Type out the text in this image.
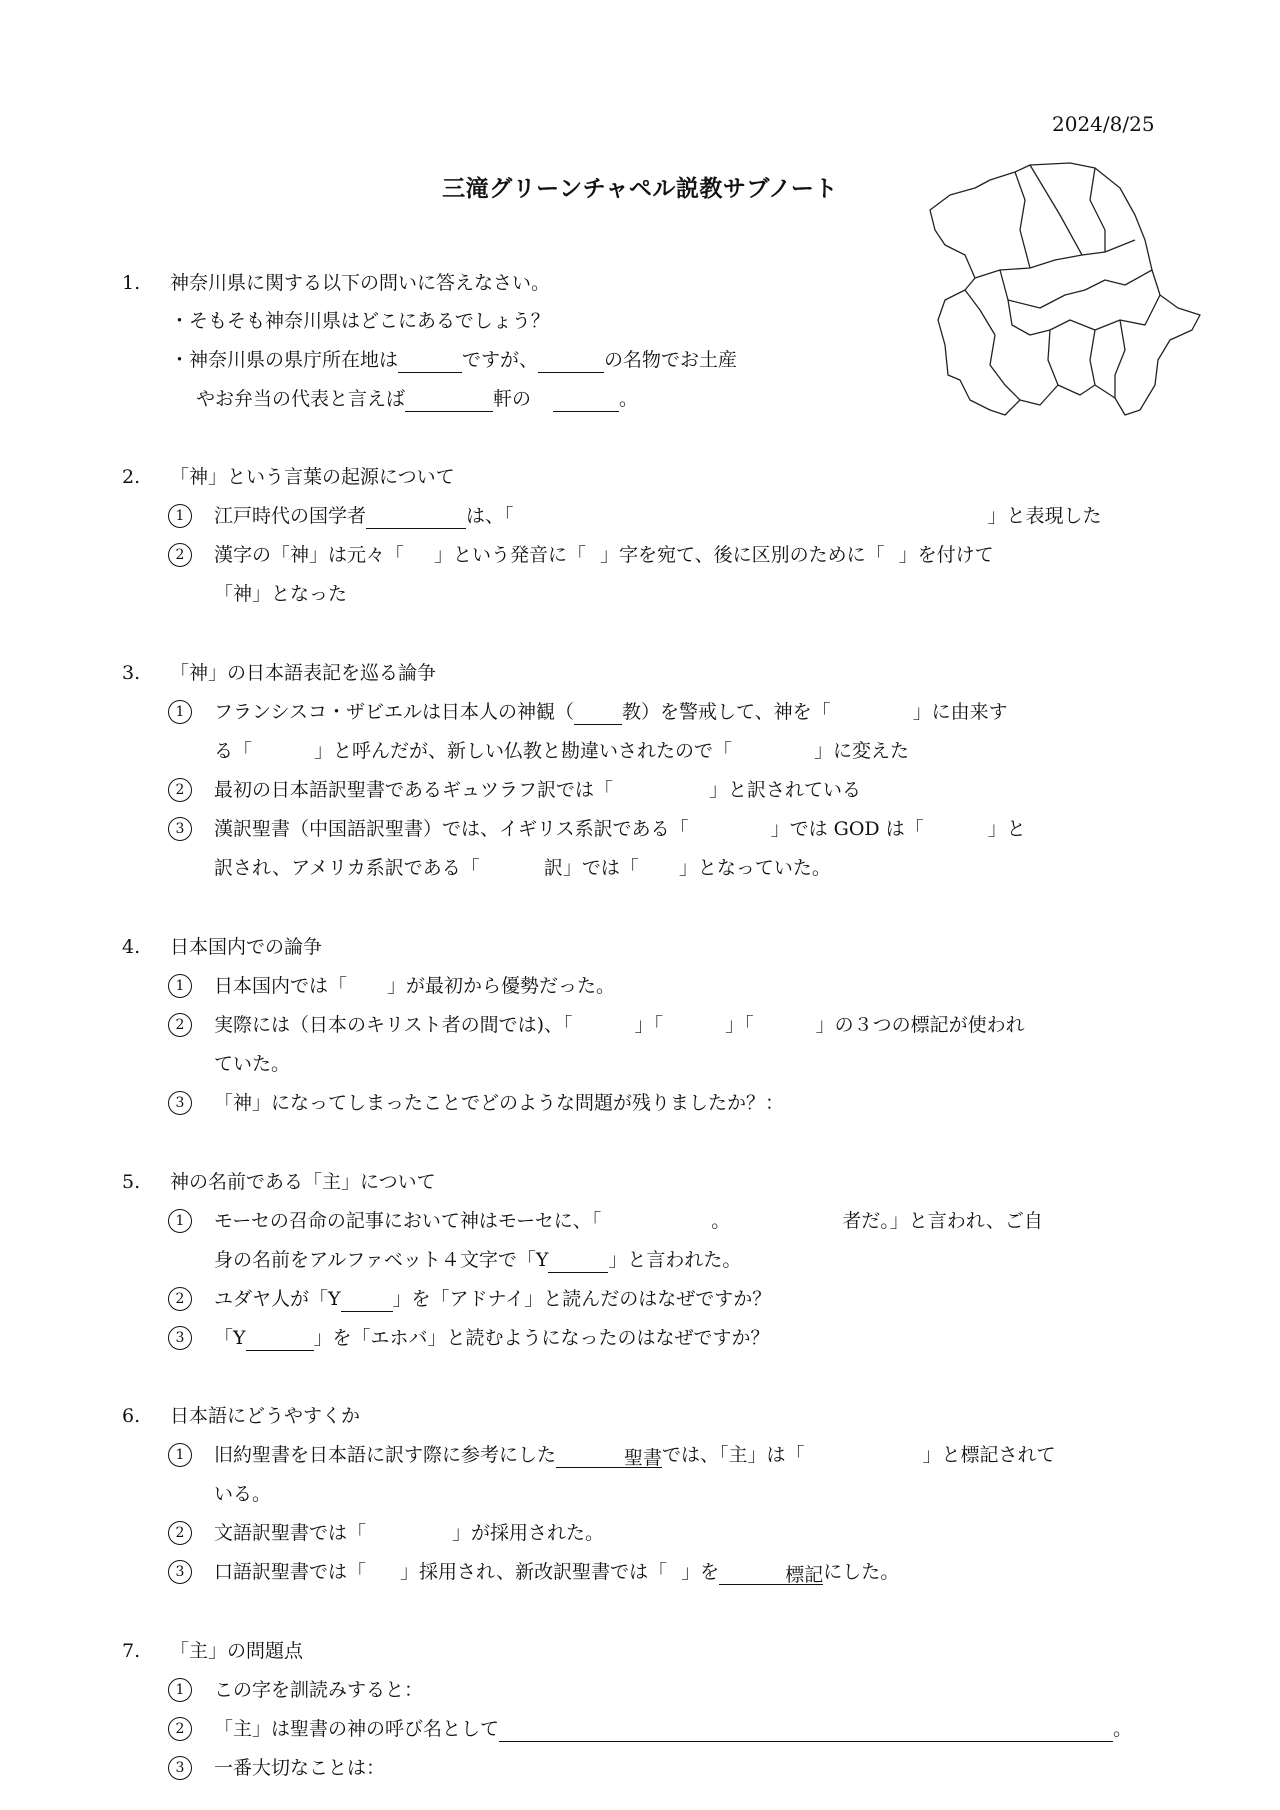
2024/8/25
三滝グリーンチャペル説教サブノート
1. 神奈川県に関する以下の問いに答えなさい。
・そもそも神奈川県はどこにあるでしょう？
・神奈川県の県庁所在地は	ですが、	の名物でお土産
やお弁当の代表と言えば	軒の	。
2. 「神」という言葉の起源について
1	江戸時代の国学者	は、「	」と表現した
2	漢字の「神」は元々「 」という発音に「 」字を宛て、後に区別のために「 」を付けて
「神」となった
3. 「神」の日本語表記を巡る論争
1	フランシスコ・ザビエルは日本人の神観（	教）を警戒して、神を「	」に由来す
る「	」と呼んだが、新しい仏教と勘違いされたので「	」に変えた
2	最初の日本語訳聖書であるギュツラフ訳では「	」と訳されている
3	漢訳聖書（中国語訳聖書）では、イギリス系訳である「	」では GOD は「	」と
訳され、アメリカ系訳である「	訳」では「 」となっていた。
4. 日本国内での論争
1	日本国内では「 」が最初から優勢だった。
2	実際には（日本のキリスト者の間では)、「	」「	」「	」の３つの標記が使われ
ていた。
3	「神」になってしまったことでどのような問題が残りましたか？：
5. 神の名前である「主」について
1	モーセの召命の記事において神はモーセに、「	。	者だ。」と言われ、ご自
身の名前をアルファベット４文字で「Y	」と言われた。
2	ユダヤ人が「Y	」を「アドナイ」と読んだのはなぜですか？
3	「Y	」を「エホバ」と読むようになったのはなぜですか？
6. 日本語にどうやすくか
1	旧約聖書を日本語に訳す際に参考にした	聖書では、「主」は「	」と標記されて
いる。
2	文語訳聖書では「	」が採用された。
3	口語訳聖書では「 」採用され、新改訳聖書では「 」を	標記にした。
7. 「主」の問題点
1	この字を訓読みすると：
2	「主」は聖書の神の呼び名として	。
3	一番大切なことは：
